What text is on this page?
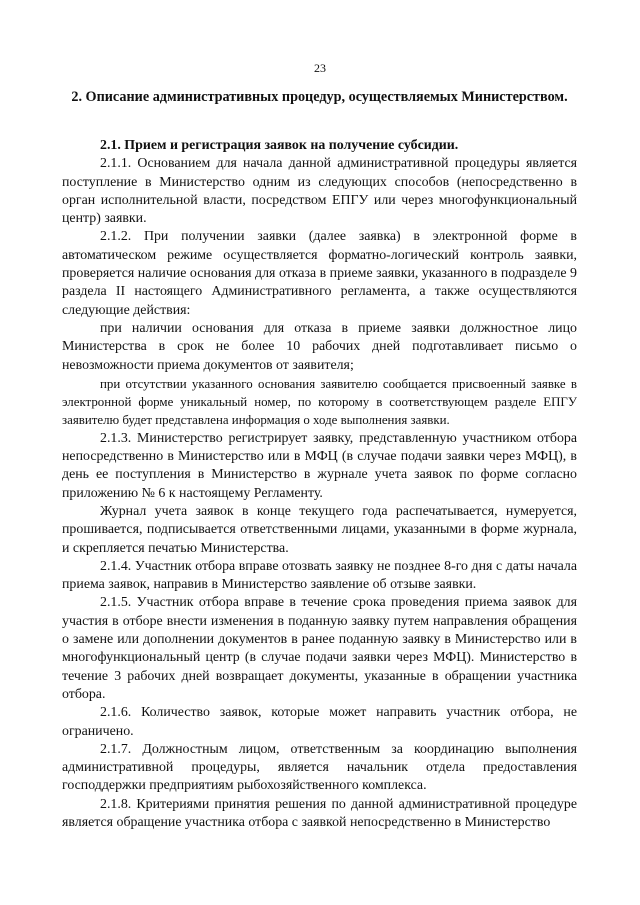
23
2. Описание административных процедур, осуществляемых Министерством.

2.1. Прием и регистрация заявок на получение субсидии.

2.1.1. Основанием для начала данной административной процедуры является поступление в Министерство одним из следующих способов (непосредственно в орган исполнительной власти, посредством ЕПГУ или через многофункциональный центр) заявки.

2.1.2. При получении заявки (далее заявка) в электронной форме в автоматическом режиме осуществляется форматно-логический контроль заявки, проверяется наличие основания для отказа в приеме заявки, указанного в подразделе 9 раздела II настоящего Административного регламента, а также осуществляются следующие действия:

при наличии основания для отказа в приеме заявки должностное лицо Министерства в срок не более 10 рабочих дней подготавливает письмо о невозможности приема документов от заявителя;

при отсутствии указанного основания заявителю сообщается присвоенный заявке в электронной форме уникальный номер, по которому в соответствующем разделе ЕПГУ заявителю будет представлена информация о ходе выполнения заявки.

2.1.3. Министерство регистрирует заявку, представленную участником отбора непосредственно в Министерство или в МФЦ (в случае подачи заявки через МФЦ), в день ее поступления в Министерство в журнале учета заявок по форме согласно приложению № 6 к настоящему Регламенту.

Журнал учета заявок в конце текущего года распечатывается, нумеруется, прошивается, подписывается ответственными лицами, указанными в форме журнала, и скрепляется печатью Министерства.

2.1.4. Участник отбора вправе отозвать заявку не позднее 8-го дня с даты начала приема заявок, направив в Министерство заявление об отзыве заявки.

2.1.5. Участник отбора вправе в течение срока проведения приема заявок для участия в отборе внести изменения в поданную заявку путем направления обращения о замене или дополнении документов в ранее поданную заявку в Министерство или в многофункциональный центр (в случае подачи заявки через МФЦ). Министерство в течение 3 рабочих дней возвращает документы, указанные в обращении участника отбора.

2.1.6. Количество заявок, которые может направить участник отбора, не ограничено.

2.1.7. Должностным лицом, ответственным за координацию выполнения административной процедуры, является начальник отдела предоставления господдержки предприятиям рыбохозяйственного комплекса.

2.1.8. Критериями принятия решения по данной административной процедуре является обращение участника отбора с заявкой непосредственно в Министерство
